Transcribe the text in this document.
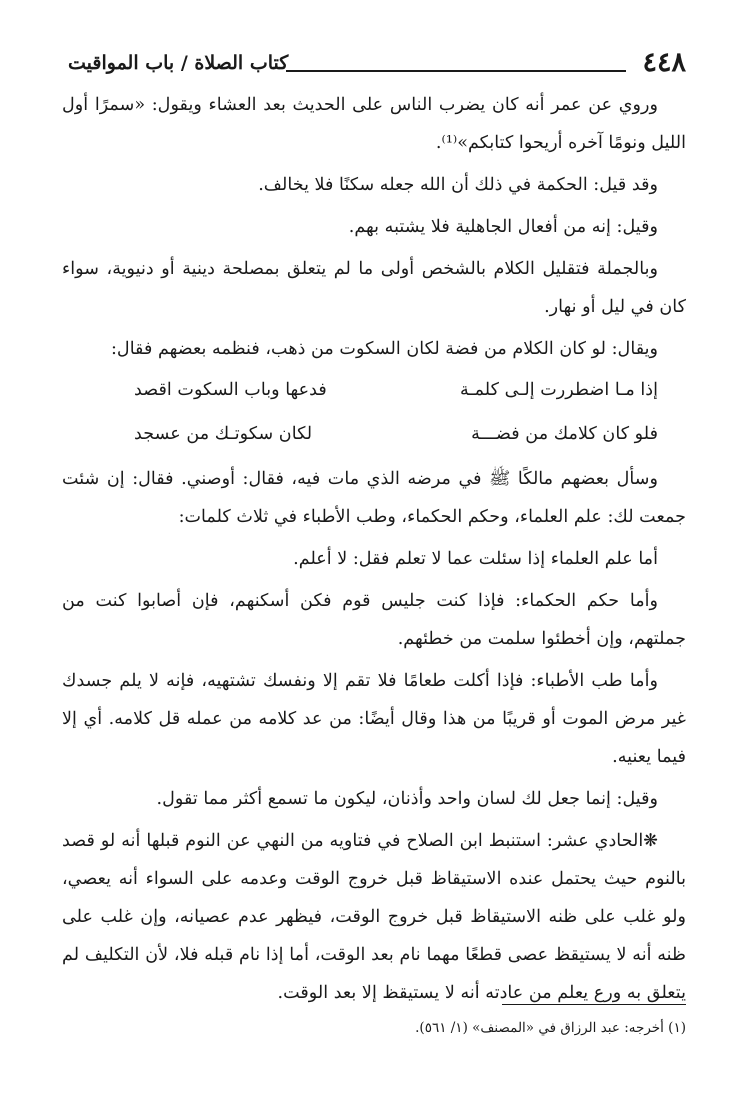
٤٤٨
كتاب الصلاة / باب المواقيت

وروي عن عمر أنه كان يضرب الناس على الحديث بعد العشاء ويقول: «سمرًا أول الليل ونومًا آخره أريحوا كتابكم»⁽¹⁾.

وقد قيل: الحكمة في ذلك أن الله جعله سكنًا فلا يخالف.

وقيل: إنه من أفعال الجاهلية فلا يشتبه بهم.

وبالجملة فتقليل الكلام بالشخص أولى ما لم يتعلق بمصلحة دينية أو دنيوية، سواء كان في ليل أو نهار.

ويقال: لو كان الكلام من فضة لكان السكوت من ذهب، فنظمه بعضهم فقال:

إذا مـا اضطررت إلـى كلمـة
فدعها وباب السكوت اقصد
فلو كان كلامك من فضـــة
لكان سكوتـك من عسجد

وسأل بعضهم مالكًا ﷺ في مرضه الذي مات فيه، فقال: أوصني. فقال: إن شئت جمعت لك: علم العلماء، وحكم الحكماء، وطب الأطباء في ثلاث كلمات:

أما علم العلماء إذا سئلت عما لا تعلم فقل: لا أعلم.

وأما حكم الحكماء: فإذا كنت جليس قوم فكن أسكنهم، فإن أصابوا كنت من جملتهم، وإن أخطئوا سلمت من خطئهم.

وأما طب الأطباء: فإذا أكلت طعامًا فلا تقم إلا ونفسك تشتهيه، فإنه لا يلم جسدك غير مرض الموت أو قريبًا من هذا وقال أيضًا: من عد كلامه من عمله قل كلامه. أي إلا فيما يعنيه.

وقيل: إنما جعل لك لسان واحد وأذنان، ليكون ما تسمع أكثر مما تقول.

❋الحادي عشر: استنبط ابن الصلاح في فتاويه من النهي عن النوم قبلها أنه لو قصد بالنوم حيث يحتمل عنده الاستيقاظ قبل خروج الوقت وعدمه على السواء أنه يعصي، ولو غلب على ظنه الاستيقاظ قبل خروج الوقت، فيظهر عدم عصيانه، وإن غلب على ظنه أنه لا يستيقظ عصى قطعًا مهما نام بعد الوقت، أما إذا نام قبله فلا، لأن التكليف لم يتعلق به ورع يعلم من عادته أنه لا يستيقظ إلا بعد الوقت.

(١) أخرجه: عبد الرزاق في «المصنف» (١/ ٥٦١).
